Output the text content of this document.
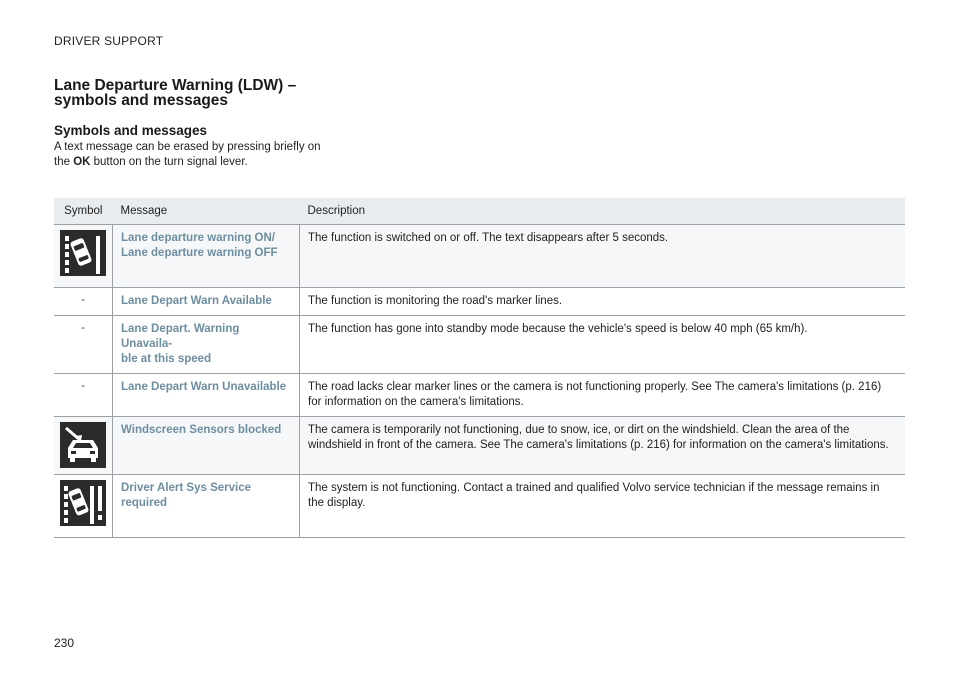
DRIVER SUPPORT
Lane Departure Warning (LDW) –
symbols and messages
Symbols and messages
A text message can be erased by pressing briefly on the OK button on the turn signal lever.
Symbol	Message	Description

Lane departure warning ON/
Lane departure warning OFF	The function is switched on or off. The text disappears after 5 seconds.
-	Lane Depart Warn Available	The function is monitoring the road's marker lines.
-	Lane Depart. Warning Unavaila-
ble at this speed	The function has gone into standby mode because the vehicle's speed is below 40 mph (65 km/h).
-	Lane Depart Warn Unavailable	The road lacks clear marker lines or the camera is not functioning properly. See The camera's limitations (p. 216) for information on the camera's limitations.

Windscreen Sensors blocked	The camera is temporarily not functioning, due to snow, ice, or dirt on the windshield. Clean the area of the windshield in front of the camera. See The camera's limitations (p. 216) for information on the camera's limitations.

Driver Alert Sys Service
required	The system is not functioning. Contact a trained and qualified Volvo service technician if the message remains in the display.
230
